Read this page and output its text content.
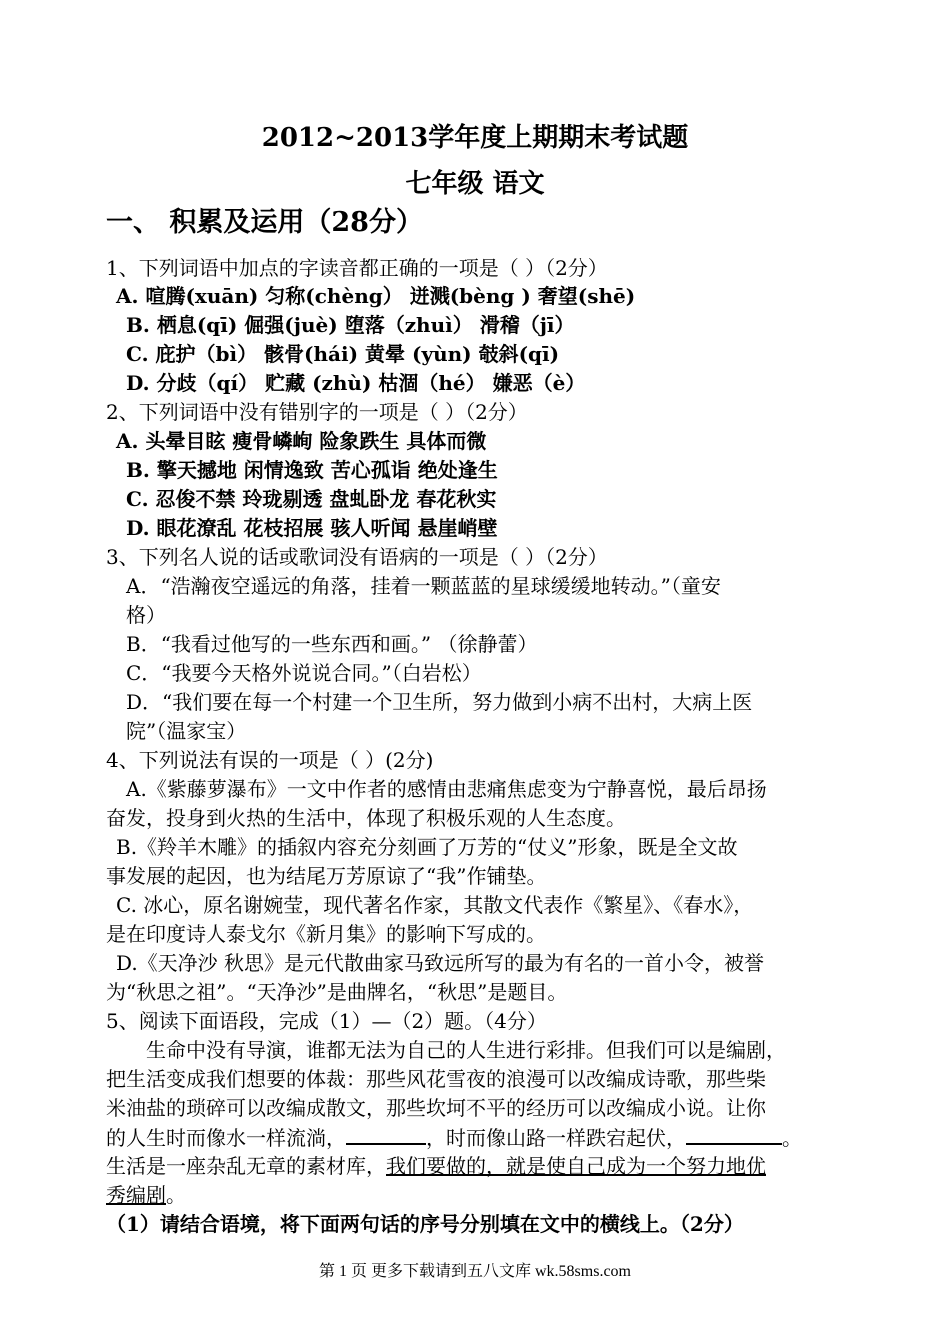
2012~2013学年度上期期末考试题
七年级 语文
一、 积累及运用（28分）
1、下列词语中加点的字读音都正确的一项是（ ）（2分）
A. 喧腾(xuān) 匀称(chèng） 迸溅(bèng ) 奢望(shē)
B. 栖息(qī) 倔强(juè) 堕落（zhuì） 滑稽（jī）
C. 庇护（bì） 骸骨(hái) 黄晕 (yùn) 攲斜(qī)
D. 分歧（qí） 贮藏 (zhù) 枯涸（hé） 嫌恶（è）
2、下列词语中没有错别字的一项是（ ）（2分）
A. 头晕目眩 瘦骨嶙峋 险象跌生 具体而微
B. 擎天撼地 闲情逸致 苦心孤诣 绝处逢生
C. 忍俊不禁 玲珑剔透 盘虬卧龙 春花秋实
D. 眼花潦乱 花枝招展 骇人听闻 悬崖峭壁
3、下列名人说的话或歌词没有语病的一项是（ ）（2分）
A．“浩瀚夜空遥远的角落，挂着一颗蓝蓝的星球缓缓地转动。”（童安
格）
B．“我看过他写的一些东西和画。” （徐静蕾）
C．“我要今天格外说说合同。”（白岩松）
D．“我们要在每一个村建一个卫生所，努力做到小病不出村，大病上医
院”（温家宝）
4、下列说法有误的一项是（ ）(2分)
A.《紫藤萝瀑布》一文中作者的感情由悲痛焦虑变为宁静喜悦，最后昂扬
奋发，投身到火热的生活中，体现了积极乐观的人生态度。
B.《羚羊木雕》的插叙内容充分刻画了万芳的“仗义”形象，既是全文故
事发展的起因，也为结尾万芳原谅了“我”作铺垫。
C. 冰心，原名谢婉莹，现代著名作家，其散文代表作《繁星》、《春水》，
是在印度诗人泰戈尔《新月集》的影响下写成的。
D.《天净沙 秋思》是元代散曲家马致远所写的最为有名的一首小令，被誉
为“秋思之祖”。“天净沙”是曲牌名，“秋思”是题目。
5、阅读下面语段，完成（1）—（2）题。（4分）
生命中没有导演，谁都无法为自己的人生进行彩排。但我们可以是编剧，
把生活变成我们想要的体裁：那些风花雪夜的浪漫可以改编成诗歌，那些柴
米油盐的琐碎可以改编成散文，那些坎坷不平的经历可以改编成小说。让你
的人生时而像水一样流淌，	，时而像山路一样跌宕起伏，	。
生活是一座杂乱无章的素材库，我们要做的，就是使自己成为一个努力地优
秀编剧。
（1）请结合语境，将下面两句话的序号分别填在文中的横线上。（2分）
第 1 页 更多下载请到五八文库 wk.58sms.com
